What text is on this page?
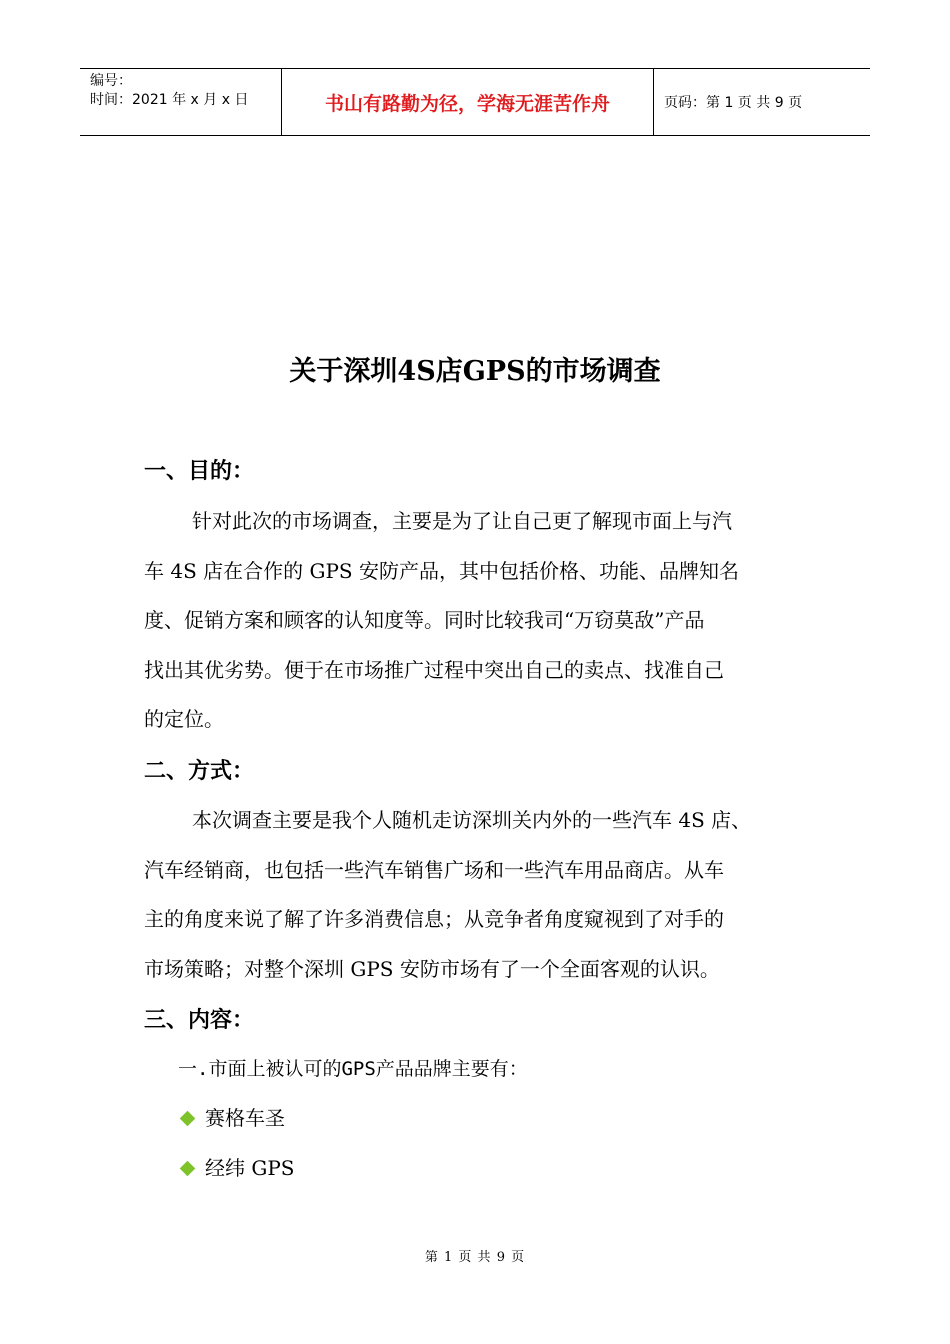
编号：
时间：2021 年 x 月 x 日	书山有路勤为径，学海无涯苦作舟	页码：第 1 页 共 9 页
关于深圳4S店GPS的市场调查
一、目的：

针对此次的市场调查，主要是为了让自己更了解现市面上与汽

车 4S 店在合作的 GPS 安防产品，其中包括价格、功能、品牌知名

度、促销方案和顾客的认知度等。同时比较我司“万窃莫敌”产品

找出其优劣势。便于在市场推广过程中突出自己的卖点、找准自己

的定位。

二、方式：

本次调查主要是我个人随机走访深圳关内外的一些汽车 4S 店、

汽车经销商，也包括一些汽车销售广场和一些汽车用品商店。从车

主的角度来说了解了许多消费信息；从竞争者角度窥视到了对手的

市场策略；对整个深圳 GPS 安防市场有了一个全面客观的认识。

三、内容：
一.市面上被认可的GPS产品品牌主要有：
赛格车圣
经纬 GPS
第 1 页 共 9 页
